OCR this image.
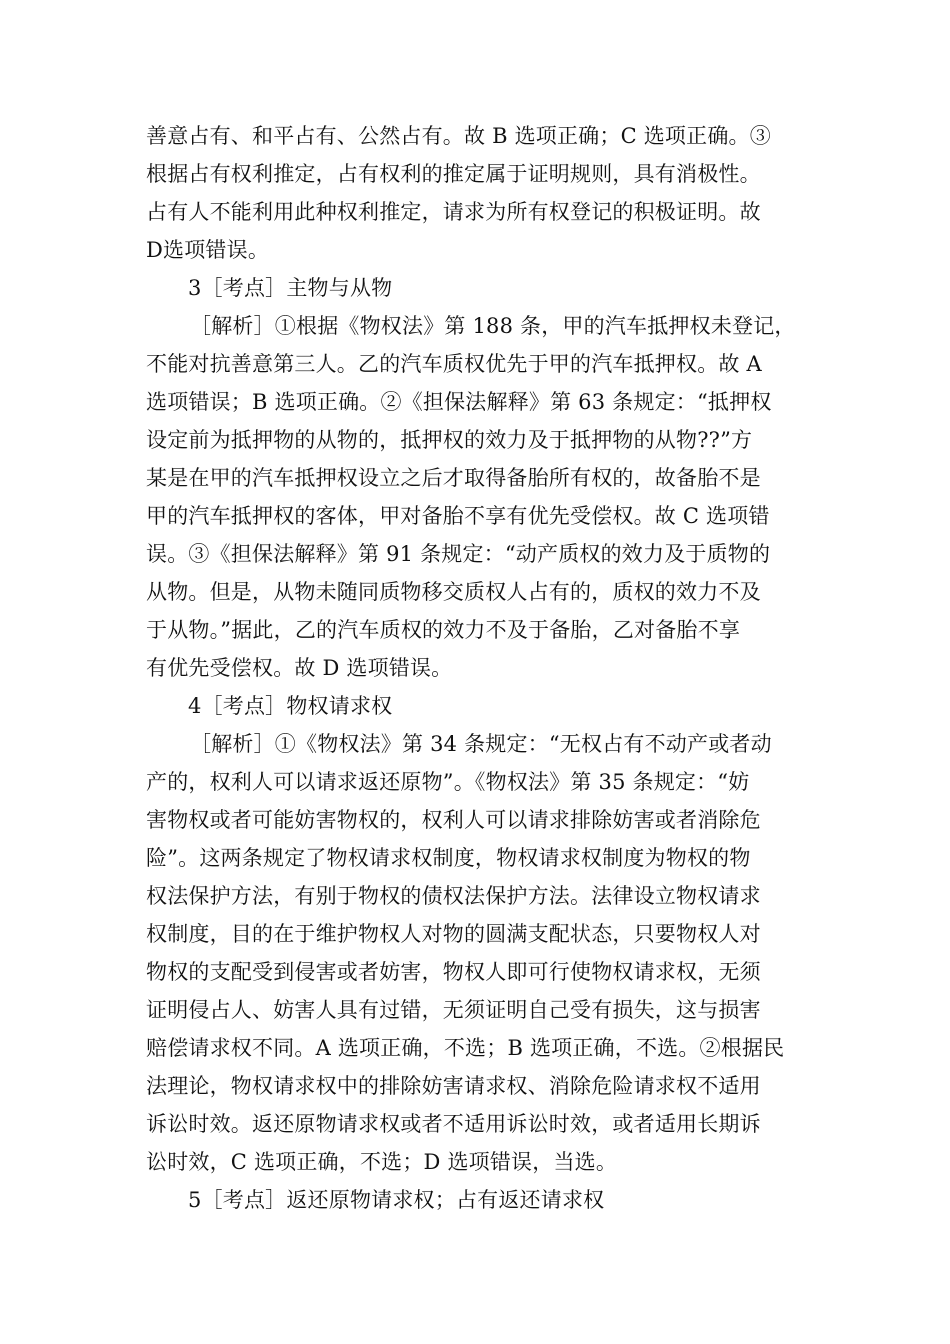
善意占有、和平占有、公然占有。故 B 选项正确；C 选项正确。③
根据占有权利推定，占有权利的推定属于证明规则，具有消极性。
占有人不能利用此种权利推定，请求为所有权登记的积极证明。故
D选项错误。
3［考点］主物与从物
［解析］①根据《物权法》第 188 条，甲的汽车抵押权未登记，
不能对抗善意第三人。乙的汽车质权优先于甲的汽车抵押权。故 A
选项错误；B 选项正确。②《担保法解释》第 63 条规定：“抵押权
设定前为抵押物的从物的，抵押权的效力及于抵押物的从物??”方
某是在甲的汽车抵押权设立之后才取得备胎所有权的，故备胎不是
甲的汽车抵押权的客体，甲对备胎不享有优先受偿权。故 C 选项错
误。③《担保法解释》第 91 条规定：“动产质权的效力及于质物的
从物。但是，从物未随同质物移交质权人占有的，质权的效力不及
于从物。”据此，乙的汽车质权的效力不及于备胎，乙对备胎不享
有优先受偿权。故 D 选项错误。
4［考点］物权请求权
［解析］①《物权法》第 34 条规定：“无权占有不动产或者动
产的，权利人可以请求返还原物”。《物权法》第 35 条规定：“妨
害物权或者可能妨害物权的，权利人可以请求排除妨害或者消除危
险”。这两条规定了物权请求权制度，物权请求权制度为物权的物
权法保护方法，有别于物权的债权法保护方法。法律设立物权请求
权制度，目的在于维护物权人对物的圆满支配状态，只要物权人对
物权的支配受到侵害或者妨害，物权人即可行使物权请求权，无须
证明侵占人、妨害人具有过错，无须证明自己受有损失，这与损害
赔偿请求权不同。A 选项正确，不选；B 选项正确，不选。②根据民
法理论，物权请求权中的排除妨害请求权、消除危险请求权不适用
诉讼时效。返还原物请求权或者不适用诉讼时效，或者适用长期诉
讼时效，C 选项正确，不选；D 选项错误，当选。
5［考点］返还原物请求权；占有返还请求权
